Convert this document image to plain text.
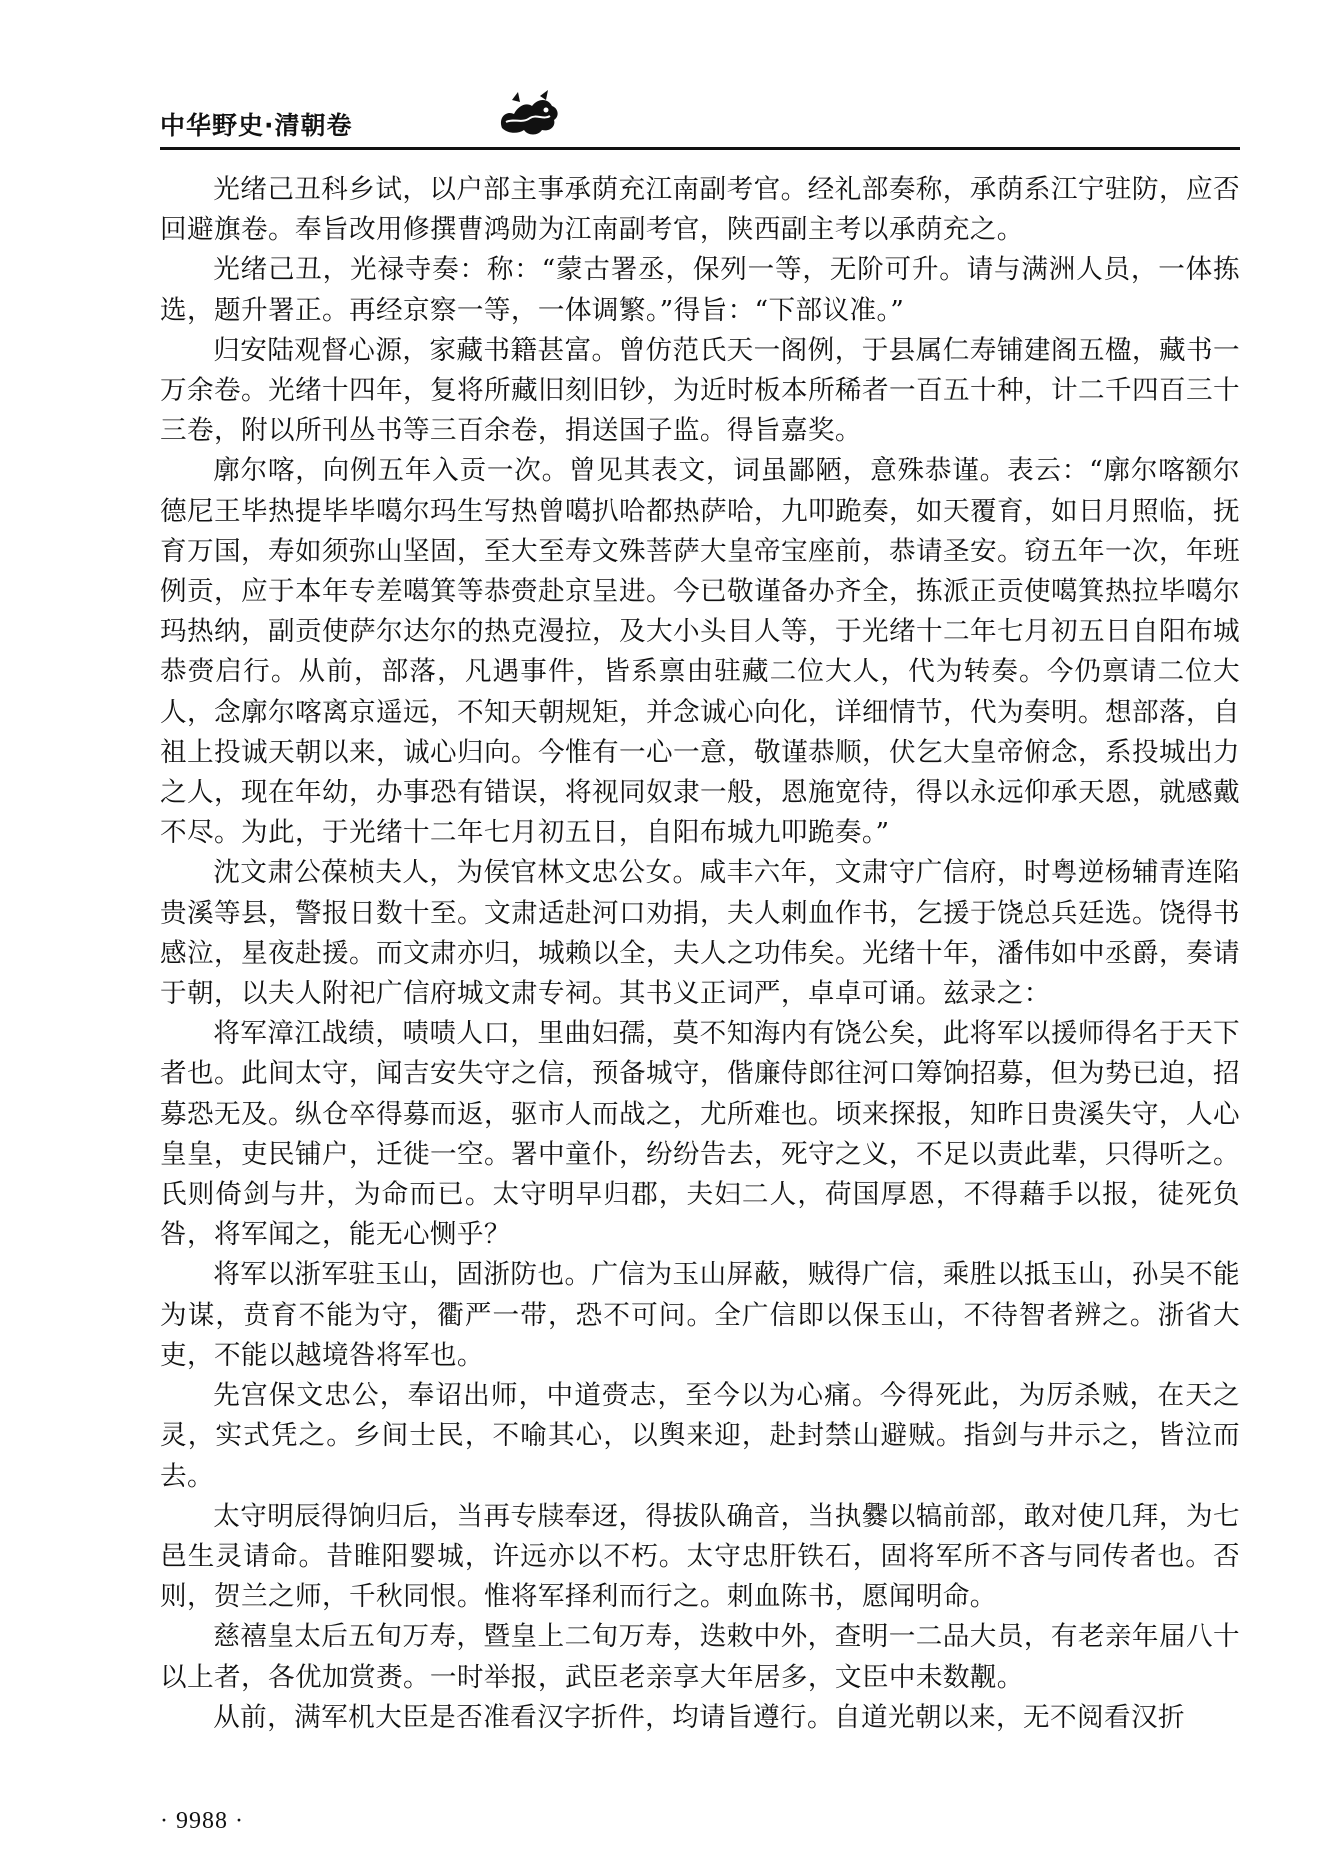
中华野史·清朝卷

光绪己丑科乡试，以户部主事承荫充江南副考官。经礼部奏称，承荫系江宁驻防，应否回避旗卷。奉旨改用修撰曹鸿勋为江南副考官，陕西副主考以承荫充之。

光绪己丑，光禄寺奏：称：“蒙古署丞，保列一等，无阶可升。请与满洲人员，一体拣选，题升署正。再经京察一等，一体调繁。”得旨：“下部议准。”

归安陆观督心源，家藏书籍甚富。曾仿范氏天一阁例，于县属仁寿铺建阁五楹，藏书一万余卷。光绪十四年，复将所藏旧刻旧钞，为近时板本所稀者一百五十种，计二千四百三十三卷，附以所刊丛书等三百余卷，捐送国子监。得旨嘉奖。

廓尔喀，向例五年入贡一次。曾见其表文，词虽鄙陋，意殊恭谨。表云：“廓尔喀额尔德尼王毕热提毕毕噶尔玛生写热曾噶扒哈都热萨哈，九叩跪奏，如天覆育，如日月照临，抚育万国，寿如须弥山坚固，至大至寿文殊菩萨大皇帝宝座前，恭请圣安。窃五年一次，年班例贡，应于本年专差噶箕等恭赍赴京呈进。今已敬谨备办齐全，拣派正贡使噶箕热拉毕噶尔玛热纳，副贡使萨尔达尔的热克漫拉，及大小头目人等，于光绪十二年七月初五日自阳布城恭赍启行。从前，部落，凡遇事件，皆系禀由驻藏二位大人，代为转奏。今仍禀请二位大人，念廓尔喀离京遥远，不知天朝规矩，并念诚心向化，详细情节，代为奏明。想部落，自祖上投诚天朝以来，诚心归向。今惟有一心一意，敬谨恭顺，伏乞大皇帝俯念，系投城出力之人，现在年幼，办事恐有错误，将视同奴隶一般，恩施宽待，得以永远仰承天恩，就感戴不尽。为此，于光绪十二年七月初五日，自阳布城九叩跪奏。”

沈文肃公葆桢夫人，为侯官林文忠公女。咸丰六年，文肃守广信府，时粤逆杨辅青连陷贵溪等县，警报日数十至。文肃适赴河口劝捐，夫人刺血作书，乞援于饶总兵廷选。饶得书感泣，星夜赴援。而文肃亦归，城赖以全，夫人之功伟矣。光绪十年，潘伟如中丞爵，奏请于朝，以夫人附祀广信府城文肃专祠。其书义正词严，卓卓可诵。兹录之：

将军漳江战绩，啧啧人口，里曲妇孺，莫不知海内有饶公矣，此将军以援师得名于天下者也。此间太守，闻吉安失守之信，预备城守，偕廉侍郎往河口筹饷招募，但为势已迫，招募恐无及。纵仓卒得募而返，驱市人而战之，尤所难也。顷来探报，知昨日贵溪失守，人心皇皇，吏民铺户，迁徙一空。署中童仆，纷纷告去，死守之义，不足以责此辈，只得听之。氏则倚剑与井，为命而已。太守明早归郡，夫妇二人，荷国厚恩，不得藉手以报，徒死负咎，将军闻之，能无心恻乎？

将军以浙军驻玉山，固浙防也。广信为玉山屏蔽，贼得广信，乘胜以抵玉山，孙吴不能为谋，贲育不能为守，衢严一带，恐不可问。全广信即以保玉山，不待智者辨之。浙省大吏，不能以越境咎将军也。

先宫保文忠公，奉诏出师，中道赍志，至今以为心痛。今得死此，为厉杀贼，在天之灵，实式凭之。乡间士民，不喻其心，以舆来迎，赴封禁山避贼。指剑与井示之，皆泣而去。

太守明辰得饷归后，当再专牍奉迓，得拔队确音，当执爨以犒前部，敢对使几拜，为七邑生灵请命。昔睢阳婴城，许远亦以不朽。太守忠肝铁石，固将军所不吝与同传者也。否则，贺兰之师，千秋同恨。惟将军择利而行之。刺血陈书，愿闻明命。

慈禧皇太后五旬万寿，暨皇上二旬万寿，迭敕中外，查明一二品大员，有老亲年届八十以上者，各优加赏赉。一时举报，武臣老亲享大年居多，文臣中未数觏。

从前，满军机大臣是否准看汉字折件，均请旨遵行。自道光朝以来，无不阅看汉折

· 9988 ·
